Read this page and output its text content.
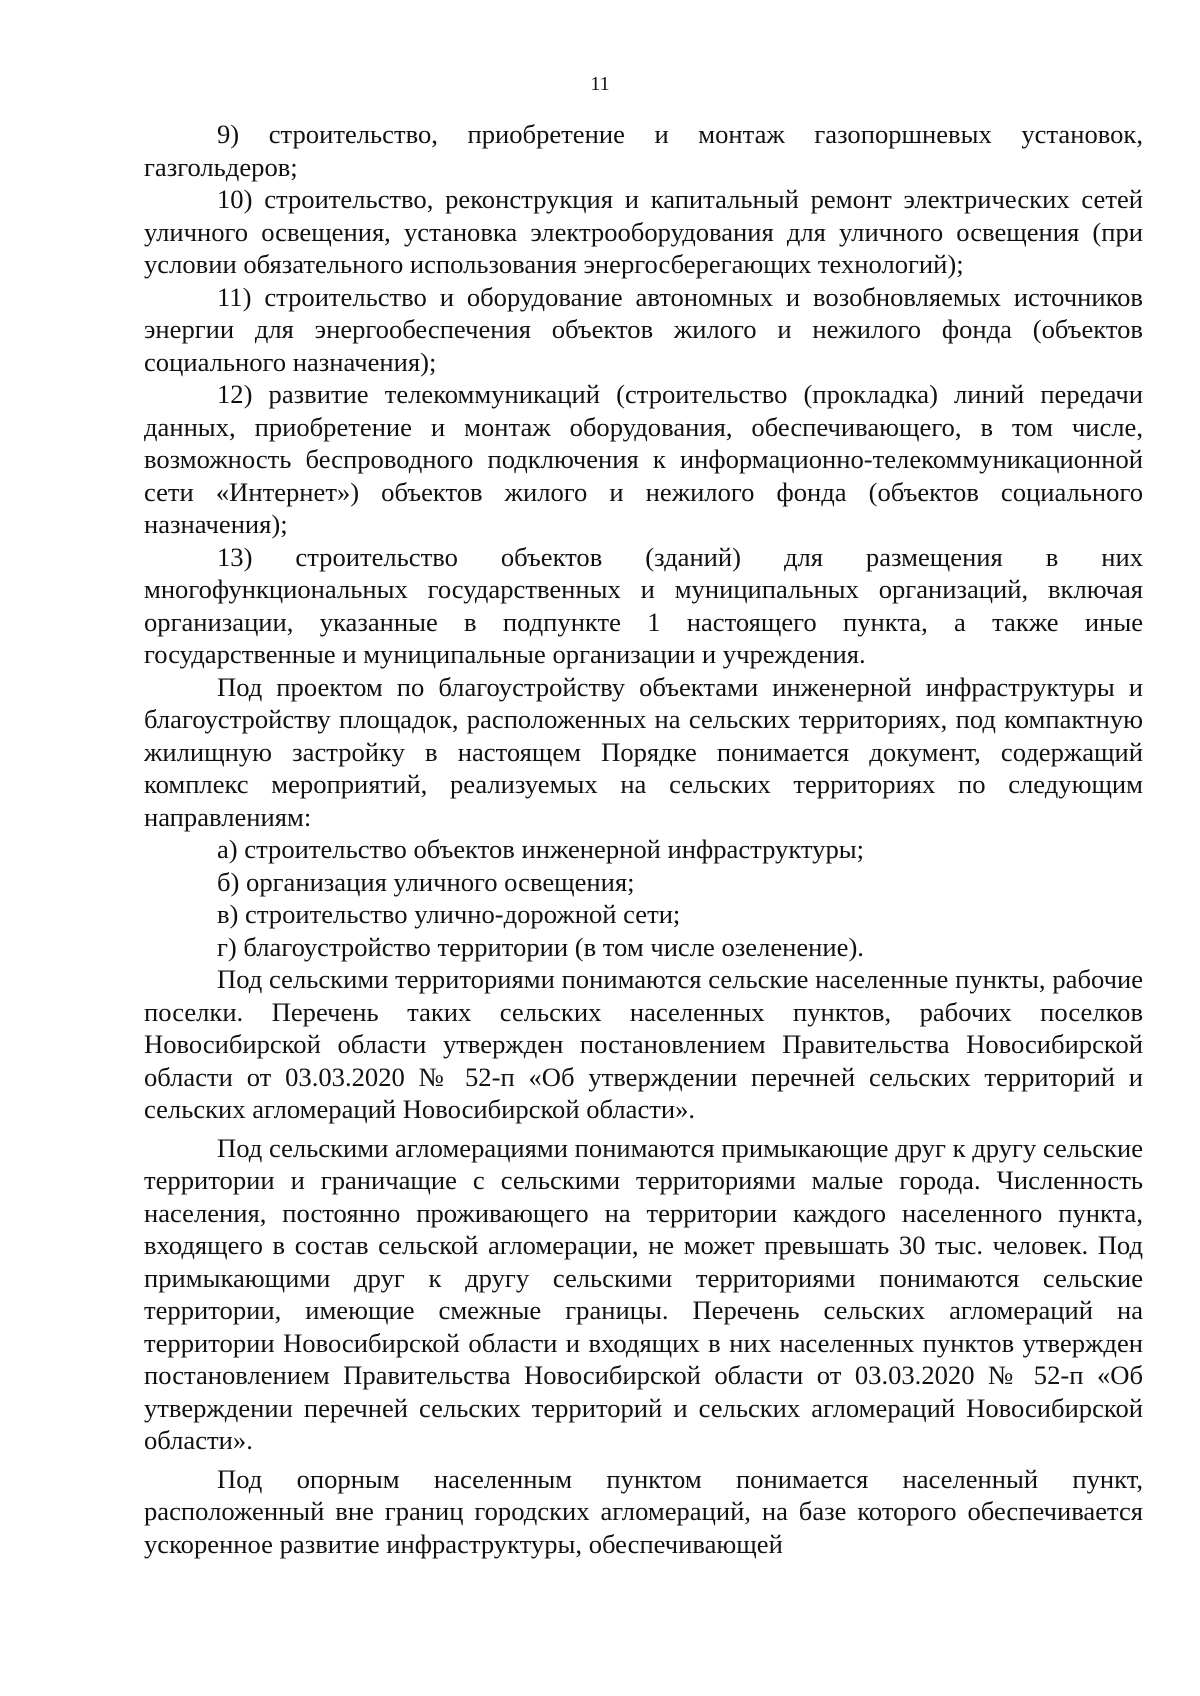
11

9) строительство, приобретение и монтаж газопоршневых установок, газгольдеров;

10) строительство, реконструкция и капитальный ремонт электрических сетей уличного освещения, установка электрооборудования для уличного освещения (при условии обязательного использования энергосберегающих технологий);

11) строительство и оборудование автономных и возобновляемых источников энергии для энергообеспечения объектов жилого и нежилого фонда (объектов социального назначения);

12) развитие телекоммуникаций (строительство (прокладка) линий передачи данных, приобретение и монтаж оборудования, обеспечивающего, в том числе, возможность беспроводного подключения к информационно-телекоммуникационной сети «Интернет») объектов жилого и нежилого фонда (объектов социального назначения);

13) строительство объектов (зданий) для размещения в них многофункциональных государственных и муниципальных организаций, включая организации, указанные в подпункте 1 настоящего пункта, а также иные государственные и муниципальные организации и учреждения.

Под проектом по благоустройству объектами инженерной инфраструктуры и благоустройству площадок, расположенных на сельских территориях, под компактную жилищную застройку в настоящем Порядке понимается документ, содержащий комплекс мероприятий, реализуемых на сельских территориях по следующим направлениям:

а) строительство объектов инженерной инфраструктуры;

б) организация уличного освещения;

в) строительство улично-дорожной сети;

г) благоустройство территории (в том числе озеленение).

Под сельскими территориями понимаются сельские населенные пункты, рабочие поселки. Перечень таких сельских населенных пунктов, рабочих поселков Новосибирской области утвержден постановлением Правительства Новосибирской области от 03.03.2020 № 52-п «Об утверждении перечней сельских территорий и сельских агломераций Новосибирской области».

Под сельскими агломерациями понимаются примыкающие друг к другу сельские территории и граничащие с сельскими территориями малые города. Численность населения, постоянно проживающего на территории каждого населенного пункта, входящего в состав сельской агломерации, не может превышать 30 тыс. человек. Под примыкающими друг к другу сельскими территориями понимаются сельские территории, имеющие смежные границы. Перечень сельских агломераций на территории Новосибирской области и входящих в них населенных пунктов утвержден постановлением Правительства Новосибирской области от 03.03.2020 № 52-п «Об утверждении перечней сельских территорий и сельских агломераций Новосибирской области».

Под опорным населенным пунктом понимается населенный пункт, расположенный вне границ городских агломераций, на базе которого обеспечивается ускоренное развитие инфраструктуры, обеспечивающей
